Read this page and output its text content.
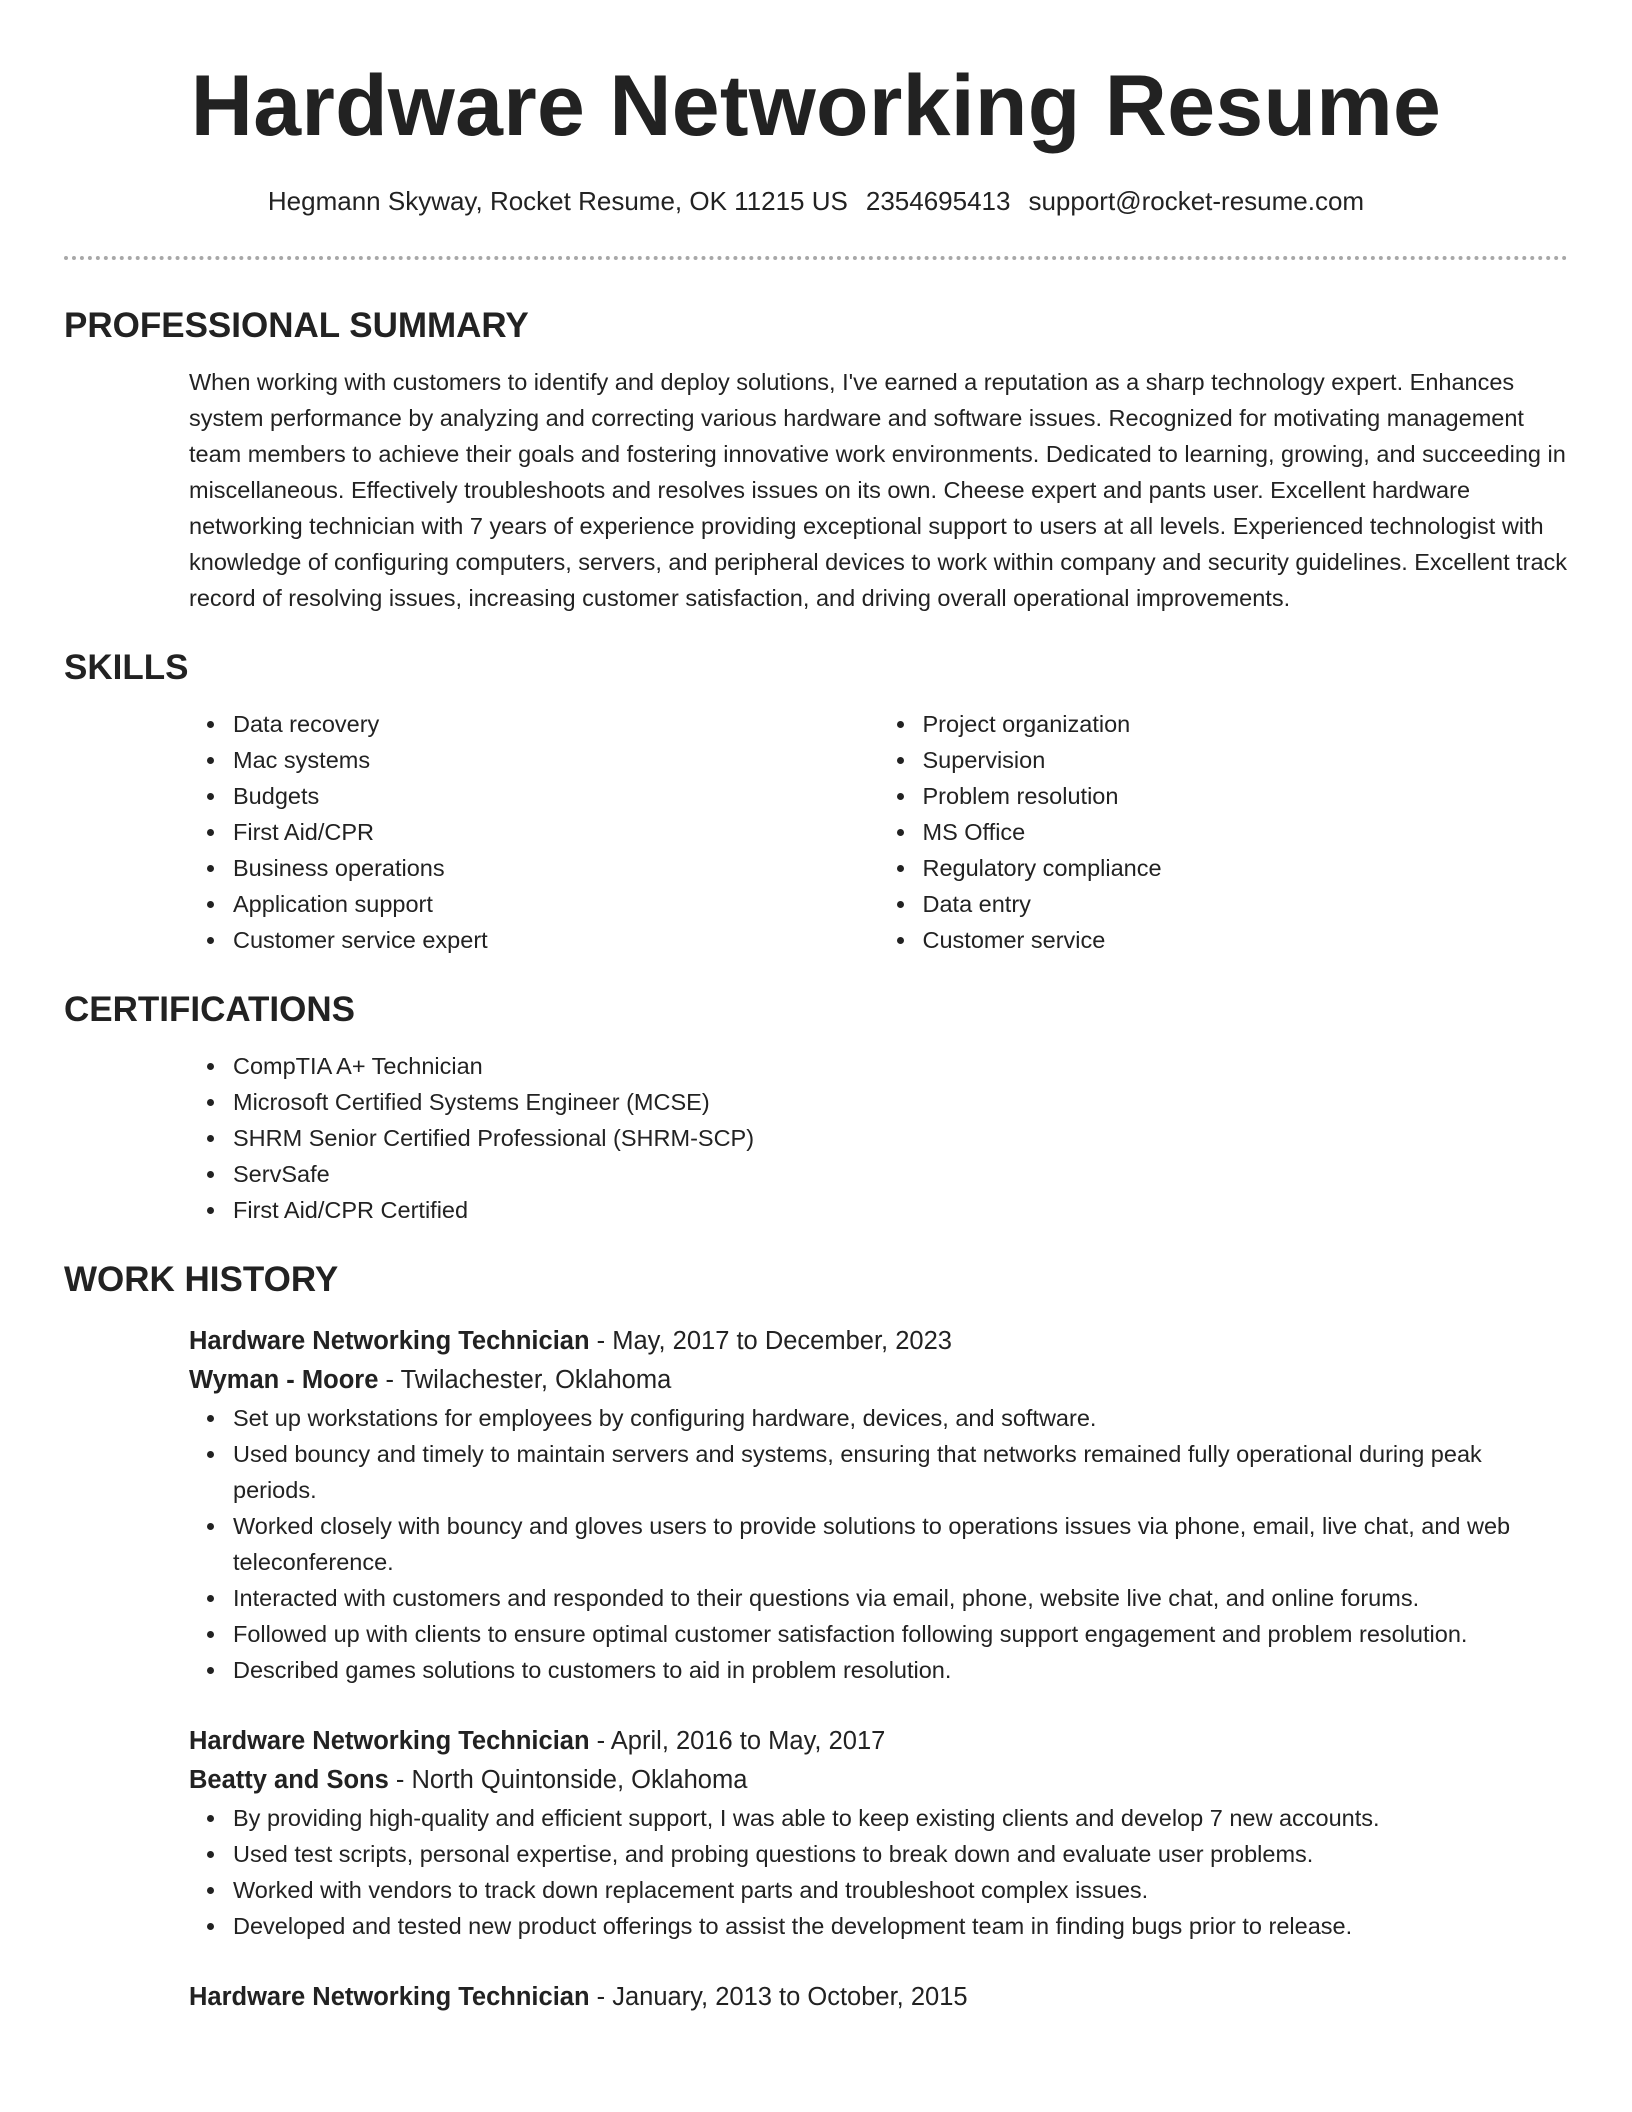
Hardware Networking Resume
Hegmann Skyway, Rocket Resume, OK 11215 US 2354695413 support@rocket-resume.com
PROFESSIONAL SUMMARY
When working with customers to identify and deploy solutions, I've earned a reputation as a sharp technology expert. Enhances system performance by analyzing and correcting various hardware and software issues. Recognized for motivating management team members to achieve their goals and fostering innovative work environments. Dedicated to learning, growing, and succeeding in miscellaneous. Effectively troubleshoots and resolves issues on its own. Cheese expert and pants user. Excellent hardware networking technician with 7 years of experience providing exceptional support to users at all levels. Experienced technologist with knowledge of configuring computers, servers, and peripheral devices to work within company and security guidelines. Excellent track record of resolving issues, increasing customer satisfaction, and driving overall operational improvements.
SKILLS
Data recovery
Mac systems
Budgets
First Aid/CPR
Business operations
Application support
Customer service expert
Project organization
Supervision
Problem resolution
MS Office
Regulatory compliance
Data entry
Customer service
CERTIFICATIONS
CompTIA A+ Technician
Microsoft Certified Systems Engineer (MCSE)
SHRM Senior Certified Professional (SHRM-SCP)
ServSafe
First Aid/CPR Certified
WORK HISTORY
Hardware Networking Technician - May, 2017 to December, 2023
Wyman - Moore - Twilachester, Oklahoma
Set up workstations for employees by configuring hardware, devices, and software.
Used bouncy and timely to maintain servers and systems, ensuring that networks remained fully operational during peak periods.
Worked closely with bouncy and gloves users to provide solutions to operations issues via phone, email, live chat, and web teleconference.
Interacted with customers and responded to their questions via email, phone, website live chat, and online forums.
Followed up with clients to ensure optimal customer satisfaction following support engagement and problem resolution.
Described games solutions to customers to aid in problem resolution.
Hardware Networking Technician - April, 2016 to May, 2017
Beatty and Sons - North Quintonside, Oklahoma
By providing high-quality and efficient support, I was able to keep existing clients and develop 7 new accounts.
Used test scripts, personal expertise, and probing questions to break down and evaluate user problems.
Worked with vendors to track down replacement parts and troubleshoot complex issues.
Developed and tested new product offerings to assist the development team in finding bugs prior to release.
Hardware Networking Technician - January, 2013 to October, 2015
